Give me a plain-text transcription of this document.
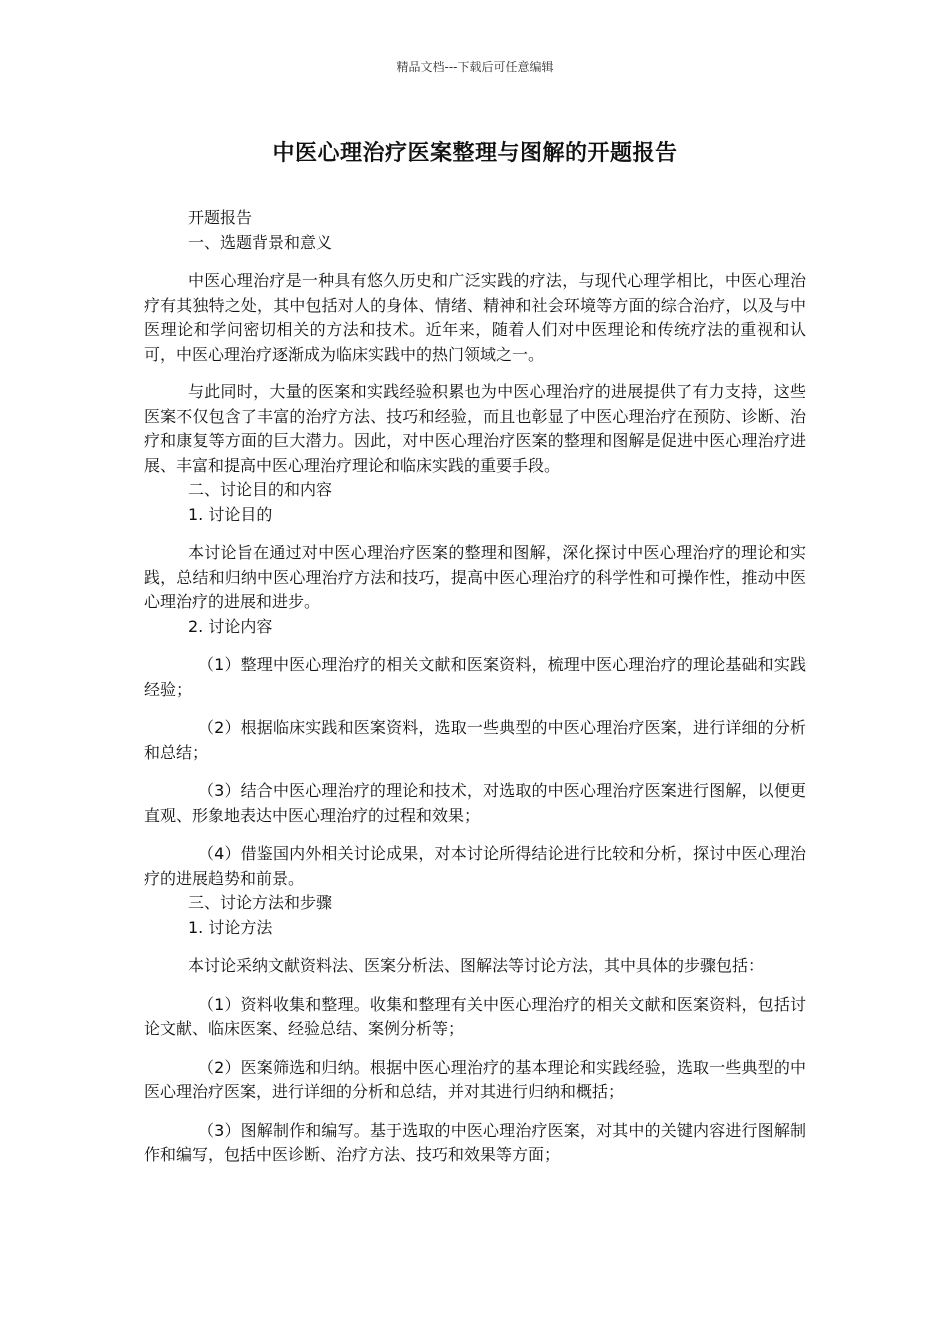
精品文档---下载后可任意编辑
中医心理治疗医案整理与图解的开题报告

开题报告

一、选题背景和意义

中医心理治疗是一种具有悠久历史和广泛实践的疗法，与现代心理学相比，中医心理治疗有其独特之处，其中包括对人的身体、情绪、精神和社会环境等方面的综合治疗，以及与中医理论和学问密切相关的方法和技术。近年来，随着人们对中医理论和传统疗法的重视和认可，中医心理治疗逐渐成为临床实践中的热门领域之一。

与此同时，大量的医案和实践经验积累也为中医心理治疗的进展提供了有力支持，这些医案不仅包含了丰富的治疗方法、技巧和经验，而且也彰显了中医心理治疗在预防、诊断、治疗和康复等方面的巨大潜力。因此，对中医心理治疗医案的整理和图解是促进中医心理治疗进展、丰富和提高中医心理治疗理论和临床实践的重要手段。

二、讨论目的和内容

1. 讨论目的

本讨论旨在通过对中医心理治疗医案的整理和图解，深化探讨中医心理治疗的理论和实践，总结和归纳中医心理治疗方法和技巧，提高中医心理治疗的科学性和可操作性，推动中医心理治疗的进展和进步。

2. 讨论内容

（1）整理中医心理治疗的相关文献和医案资料，梳理中医心理治疗的理论基础和实践经验；

（2）根据临床实践和医案资料，选取一些典型的中医心理治疗医案，进行详细的分析和总结；

（3）结合中医心理治疗的理论和技术，对选取的中医心理治疗医案进行图解，以便更直观、形象地表达中医心理治疗的过程和效果；

（4）借鉴国内外相关讨论成果，对本讨论所得结论进行比较和分析，探讨中医心理治疗的进展趋势和前景。

三、讨论方法和步骤

1. 讨论方法

本讨论采纳文献资料法、医案分析法、图解法等讨论方法，其中具体的步骤包括：

（1）资料收集和整理。收集和整理有关中医心理治疗的相关文献和医案资料，包括讨论文献、临床医案、经验总结、案例分析等；

（2）医案筛选和归纳。根据中医心理治疗的基本理论和实践经验，选取一些典型的中医心理治疗医案，进行详细的分析和总结，并对其进行归纳和概括；

（3）图解制作和编写。基于选取的中医心理治疗医案，对其中的关键内容进行图解制作和编写，包括中医诊断、治疗方法、技巧和效果等方面；
